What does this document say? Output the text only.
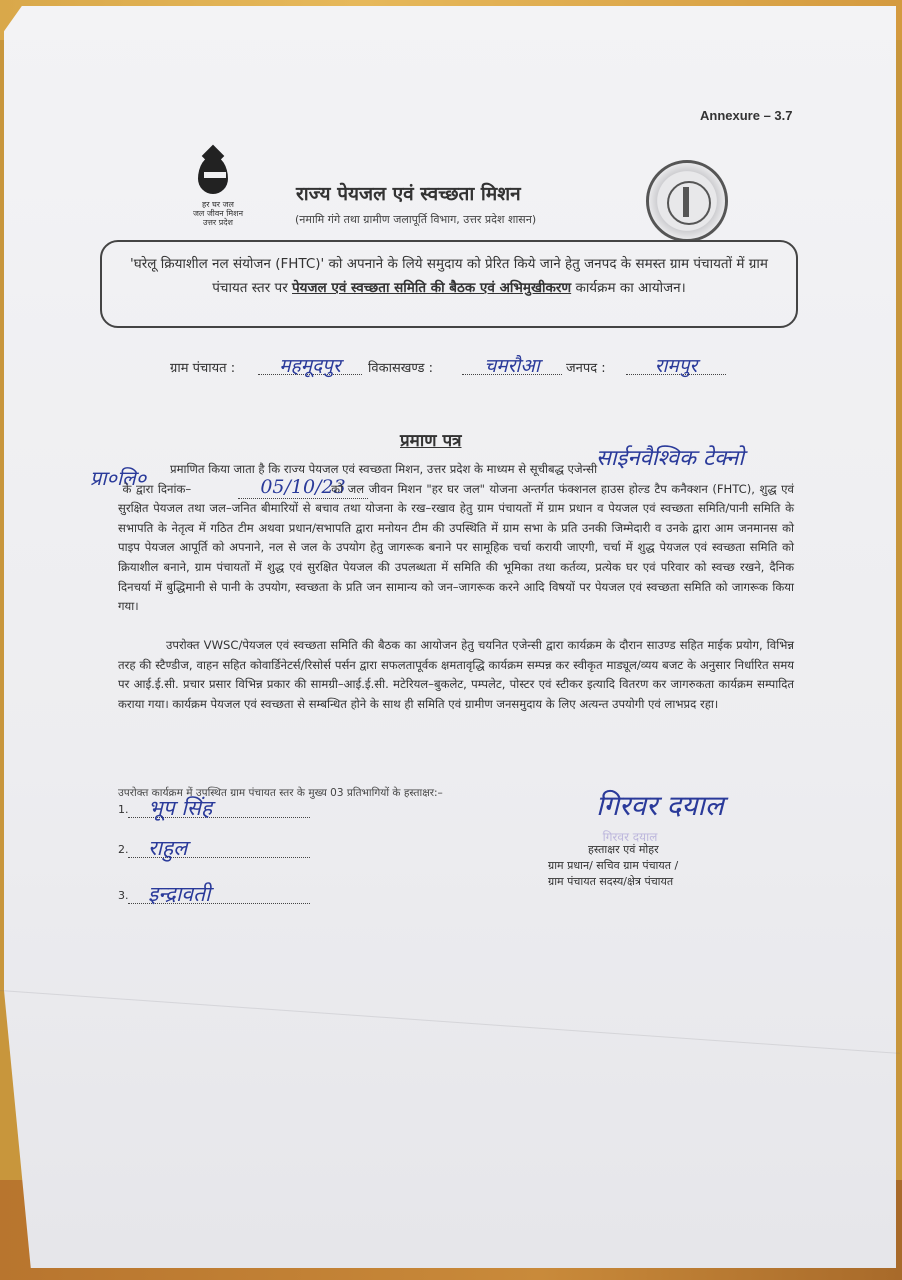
Annexure – 3.7
हर घर जल
जल जीवन मिशन
उत्तर प्रदेश
राज्य पेयजल एवं स्वच्छता मिशन
(नमामि गंगे तथा ग्रामीण जलापूर्ति विभाग, उत्तर प्रदेश शासन)
'घरेलू क्रियाशील नल संयोजन (FHTC)' को अपनाने के लिये समुदाय को प्रेरित किये जाने हेतु जनपद के समस्त ग्राम पंचायतों में ग्राम पंचायत स्तर पर पेयजल एवं स्वच्छता समिति की बैठक एवं अभिमुखीकरण कार्यक्रम का आयोजन।
ग्राम पंचायत :	महमूदपुर	विकासखण्ड :	चमरौआ	जनपद :	रामपुर
प्रमाण पत्र
साईनवैश्विक टेक्नो
प्रा०लि०	05/10/23
प्रमाणित किया जाता है कि राज्य पेयजल एवं स्वच्छता मिशन, उत्तर प्रदेश के माध्यम से सूचीबद्ध एजेन्सी
के द्वारा दिनांक–	को जल जीवन मिशन "हर घर जल" योजना अन्तर्गत फंक्शनल हाउस होल्ड टैप कनैक्शन (FHTC), शुद्ध एवं सुरक्षित पेयजल तथा जल–जनित बीमारियों से बचाव तथा योजना के रख–रखाव हेतु ग्राम पंचायतों में ग्राम प्रधान व पेयजल एवं स्वच्छता समिति/पानी समिति के सभापति के नेतृत्व में गठित टीम अथवा प्रधान/सभापति द्वारा मनोयन टीम की उपस्थिति में ग्राम सभा के प्रति उनकी जिम्मेदारी व उनके द्वारा आम जनमानस को पाइप पेयजल आपूर्ति को अपनाने, नल से जल के उपयोग हेतु जागरूक बनाने पर सामूहिक चर्चा करायी जाएगी, चर्चा में शुद्ध पेयजल एवं स्वच्छता समिति को क्रियाशील बनाने, ग्राम पंचायतों में शुद्ध एवं सुरक्षित पेयजल की उपलब्धता में समिति की भूमिका तथा कर्तव्य, प्रत्येक घर एवं परिवार को स्वच्छ रखने, दैनिक दिनचर्या में बुद्धिमानी से पानी के उपयोग, स्वच्छता के प्रति जन सामान्य को जन–जागरूक करने आदि विषयों पर पेयजल एवं स्वच्छता समिति को जागरूक किया गया।
उपरोक्त VWSC/पेयजल एवं स्वच्छता समिति की बैठक का आयोजन हेतु चयनित एजेन्सी द्वारा कार्यक्रम के दौरान साउण्ड सहित माईक प्रयोग, विभिन्न तरह की स्टैण्डीज, वाहन सहित कोवार्डिनेटर्स/रिसोर्स पर्सन द्वारा सफलतापूर्वक क्षमतावृद्धि कार्यक्रम सम्पन्न कर स्वीकृत माड्यूल/व्यय बजट के अनुसार निर्धारित समय पर आई.ई.सी. प्रचार प्रसार विभिन्न प्रकार की सामग्री–आई.ई.सी. मटेरियल–बुकलेट, पम्पलेट, पोस्टर एवं स्टीकर इत्यादि वितरण कर जागरुकता कार्यक्रम सम्पादित कराया गया। कार्यक्रम पेयजल एवं स्वच्छता से सम्बन्धित होने के साथ ही समिति एवं ग्रामीण जनसमुदाय के लिए अत्यन्त उपयोगी एवं लाभप्रद रहा।
उपरोक्त कार्यक्रम में उपस्थित ग्राम पंचायत स्तर के मुख्य 03 प्रतिभागियों के हस्ताक्षर:–
1. भूप सिंह
2. राहुल
3. इन्द्रावती
गिरवर दयाल
गिरवर दयाल
हस्ताक्षर एवं मोहर
ग्राम प्रधान/ सचिव ग्राम पंचायत /
ग्राम पंचायत सदस्य/क्षेत्र पंचायत
